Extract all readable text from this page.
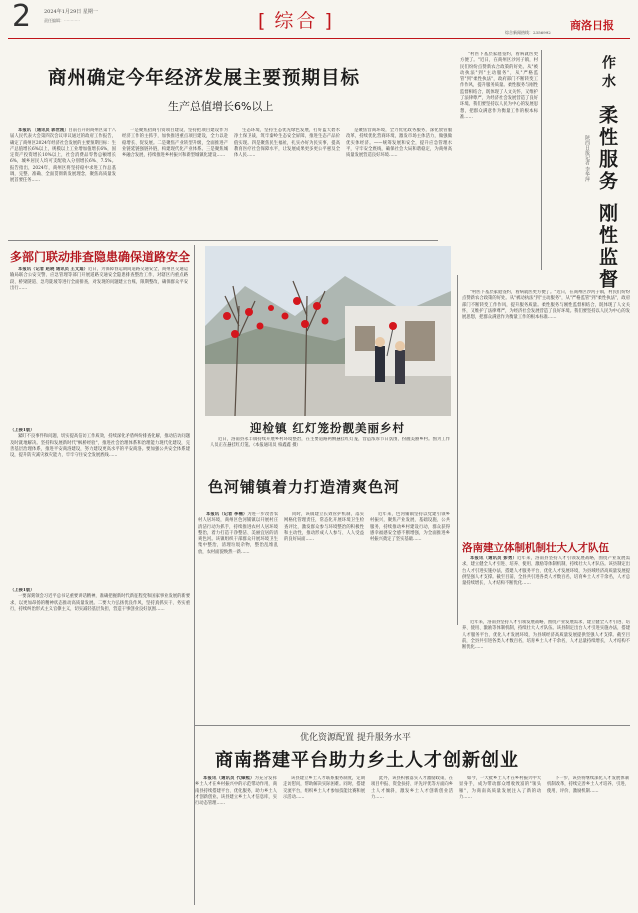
2	2024年1月29日 星期一
责任编辑：⋯⋯⋯⋯	[ 综合 ]
综合新闻热线：2356992
商洛日报
商州确定今年经济发展主要预期目标
生产总值增长6%以上

本报讯 〔通讯员 郭世刚〕目前召开的商州区第十八届人民代表大会第四次会议审议通过的政府工作报告，确定了商州区2024年经济社会发展的主要预期目标：生产总值增长6%以上，规模以上工业增加值增长6%，固定资产投资增长10%以上，社会消费品零售总额增长6%，城乡居民人均可支配收入分别增长6%、7.5%。报告指出，2024年，商州区将坚持稳中求进工作总基调，完整、准确、全面贯彻新发展理念，聚焦高质量发展首要任务……

一是聚焦招商引资项目建设，坚持把项目建设作为经济工作的主抓手，加快推进重点项目建设，全力以赴稳增长、促发展。二是聚焦产业转型升级，全面推进产业链延链强链补链，构建现代化产业体系。三是聚焦城乡融合发展，持续推进乡村振兴和新型城镇化建设……

生态环境，坚持生态优先绿色发展，打好蓝天碧水净土保卫战，筑牢秦岭生态安全屏障，推进生态产品价值实现。四是聚焦民生福祉，扎实办好为民实事，提高教育医疗社会保障水平，让发展成果更多更公平惠及全体人民……

是聚焦营商环境，全力优化政务服务，深化放管服改革，持续优化营商环境，激发市场主体活力，做强做优实体经济。——统筹发展和安全，提升应急管理水平，守牢安全底线，确保社会大局和谐稳定，为商州高质量发展营造良好环境……

"村医下基层家庭签约，看病就医更方便了。"近日，在商州区沙河子镇，村民们纷纷点赞新农合政策的好处。从"被动执法"到"主动服务"，从"严格监管"到"柔性执法"，政府部门不断转变工作作风，提升服务质量。柔性服务与刚性监督相结合，既体现了人文关怀，又维护了法律尊严，为经济社会发展营造了良好环境。我们要坚持以人民为中心的发展思想，把群众满意作为衡量工作的根本标准……

作 水
柔性服务 刚性监督
陕西日报记者 李华萍
多部门联动排查隐患确保道路安全

本报讯（记者 赵晓 通讯员 王文迪）近日，为保障春运期间道路交通安全，商州区交通运输局联合公安交警、应急管理等部门开展道路交通安全隐患排查整治工作，对辖区内重点路段、桥梁隧道、急弯陡坡等进行全面排查，对发现的问题建立台账，限期整改，确保群众平安出行……

迎检镇 红灯笼扮靓美丽乡村

近日，洛南县永丰镇持续开展乡村环境整治，在主要道路两侧悬挂红灯笼，营造浓厚节日氛围，扮靓美丽乡村。图为工作人员正在悬挂红灯笼。（本报通讯员 柏鑫鑫 摄）

色河铺镇着力打造清爽色河

本报讯（记者 李楠）为进一步改善农村人居环境，商州区色河铺镇以开展村庄清洁行动为抓手，持续推进农村人居环境整治，着力打造干净整洁、美丽宜居的清爽色河。该镇组织干部群众开展环境卫生集中整治，清理垃圾杂物，整治乱堆乱放，农村面貌焕然一新……

同时，该镇建立长效管护机制，落实网格化管理责任，常态化开展环境卫生检查评比，激发群众参与环境整治的积极性和主动性，推动形成人人参与、人人受益的良好局面……

近年来，色河铺镇坚持以党建引领乡村振兴，聚焦产业发展、基础设施、公共服务，持续推动乡村建设行动，群众获得感幸福感安全感不断增强，为全面推进乡村振兴奠定了坚实基础……

（上接1版）

紧盯不良事件和问题，切实提高信访工作质效，持续深化矛盾纠纷排查化解，推动信访问题及时就地解决。坚持和发展新时代"枫桥经验"，推进社会治理体系和治理能力现代化建设，完善基层治理体系，推进平安商洛建设，努力建设更高水平的平安商洛。要加强公共安全体系建设，提升防灾减灾救灾能力，牢牢守住安全发展底线……

（上接1版）

一要深刻领会习近平总书记重要讲话精神，准确把握新时代新征程党和国家事业发展的新要求，以更加昂扬的精神状态推动高质量发展。二要大力弘扬优良作风，坚持真抓实干、务实重行，持续纠治形式主义官僚主义，切实减轻基层负担，营造干事创业良好氛围……

"村医下基层家庭签约，看病就医更方便了。"近日，在商州区沙河子镇，村民们纷纷点赞新农合政策的好处。从"被动执法"到"主动服务"，从"严格监管"到"柔性执法"，政府部门不断转变工作作风，提升服务质量。柔性服务与刚性监督相结合，既体现了人文关怀，又维护了法律尊严，为经济社会发展营造了良好环境。我们要坚持以人民为中心的发展思想，把群众满意作为衡量工作的根本标准……

洛南建立体制机制壮大人才队伍

本报讯（通讯员 彭勇）近年来，洛南县坚持人才引领发展战略，围绕产业发展需求，建立健全人才引进、培养、使用、激励等体制机制，持续壮大人才队伍。该县制定出台人才引进实施办法，搭建人才服务平台，优化人才发展环境，为县域经济高质量发展提供坚强人才支撑。截至目前，全县共引进各类人才数百名，培育乡土人才千余名，人才总量持续增长，人才结构不断优化……

近年来，洛南县坚持人才引领发展战略，围绕产业发展需求，建立健全人才引进、培养、使用、激励等体制机制，持续壮大人才队伍。该县制定出台人才引进实施办法，搭建人才服务平台，优化人才发展环境，为县域经济高质量发展提供坚强人才支撑。截至目前，全县共引进各类人才数百名，培育乡土人才千余名，人才总量持续增长，人才结构不断优化……

优化资源配置 提升服务水平
商南搭建平台助力乡土人才创新创业

本报讯（通讯员 代锋熙）为充分发挥乡土人才在乡村振兴中的示范带动作用，商南县持续搭建平台、优化服务，助力乡土人才创新创业。该县建立乡土人才信息库，实行动态管理……

该县建立乡土人才联系服务制度，定期走访慰问，帮助解决实际困难。同时，搭建交流平台，组织乡土人才参加技能比赛和展示活动……

此外，该县积极落实人才激励政策，在项目申报、资金扶持、评先评优等方面向乡土人才倾斜，激发乡土人才创新创业活力……

如今，一大批乡土人才在乡村振兴中大显身手，成为带动群众增收致富的"领头雁"，为商南高质量发展注入了新的动力……

下一步，该县将继续深化人才发展体制机制改革，持续完善乡土人才培养、引进、使用、评价、激励机制……
